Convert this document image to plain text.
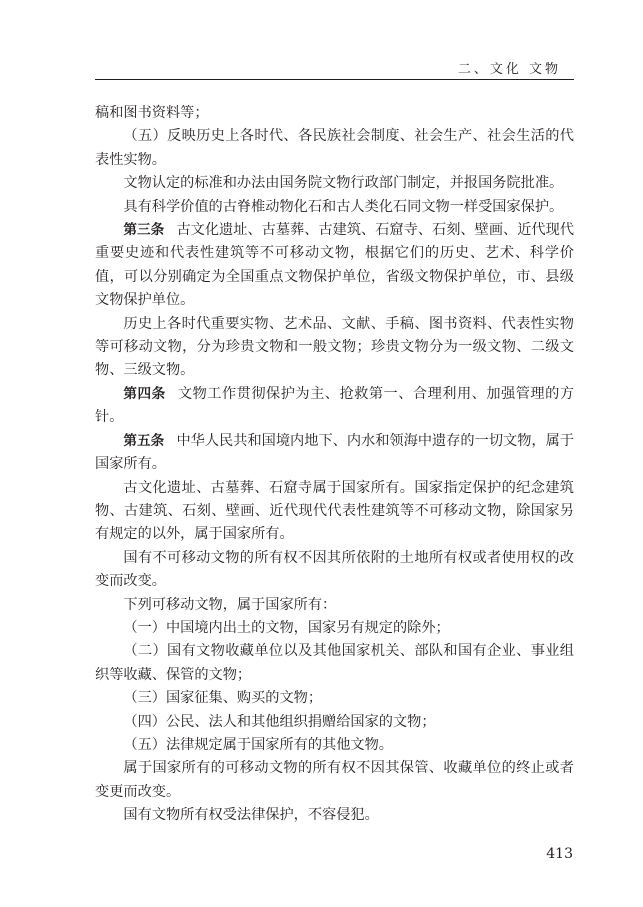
二、文化 文物

稿和图书资料等；

（五）反映历史上各时代、各民族社会制度、社会生产、社会生活的代表性实物。

文物认定的标准和办法由国务院文物行政部门制定，并报国务院批准。

具有科学价值的古脊椎动物化石和古人类化石同文物一样受国家保护。

第三条 古文化遗址、古墓葬、古建筑、石窟寺、石刻、壁画、近代现代重要史迹和代表性建筑等不可移动文物，根据它们的历史、艺术、科学价值，可以分别确定为全国重点文物保护单位，省级文物保护单位，市、县级文物保护单位。

历史上各时代重要实物、艺术品、文献、手稿、图书资料、代表性实物等可移动文物，分为珍贵文物和一般文物；珍贵文物分为一级文物、二级文物、三级文物。

第四条 文物工作贯彻保护为主、抢救第一、合理利用、加强管理的方针。

第五条 中华人民共和国境内地下、内水和领海中遗存的一切文物，属于国家所有。

古文化遗址、古墓葬、石窟寺属于国家所有。国家指定保护的纪念建筑物、古建筑、石刻、壁画、近代现代代表性建筑等不可移动文物，除国家另有规定的以外，属于国家所有。

国有不可移动文物的所有权不因其所依附的土地所有权或者使用权的改变而改变。

下列可移动文物，属于国家所有：

（一）中国境内出土的文物，国家另有规定的除外；

（二）国有文物收藏单位以及其他国家机关、部队和国有企业、事业组织等收藏、保管的文物；

（三）国家征集、购买的文物；

（四）公民、法人和其他组织捐赠给国家的文物；

（五）法律规定属于国家所有的其他文物。

属于国家所有的可移动文物的所有权不因其保管、收藏单位的终止或者变更而改变。

国有文物所有权受法律保护，不容侵犯。

413
